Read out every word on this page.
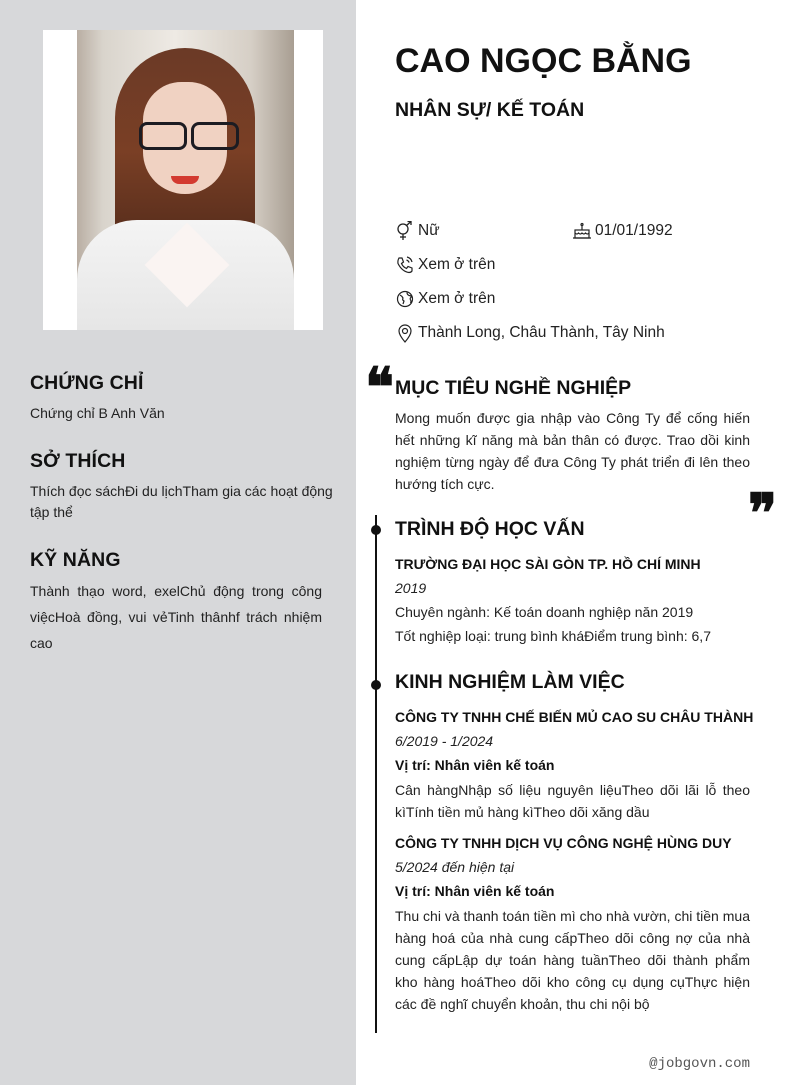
CHỨNG CHỈ
Chứng chỉ B Anh Văn
SỞ THÍCH
Thích đọc sáchĐi du lịchTham gia các hoạt động tập thể
KỸ NĂNG
Thành thạo word, exelChủ động trong công việcHoà đồng, vui vẻTinh thânhf trách nhiệm cao
CAO NGỌC BẰNG
NHÂN SỰ/ KẾ TOÁN
Nữ	01/01/1992
Xem ở trên
Xem ở trên
Thành Long, Châu Thành, Tây Ninh
❝ MỤC TIÊU NGHỀ NGHIỆP

Mong muốn được gia nhập vào Công Ty để cống hiến hết những kĩ năng mà bản thân có được. Trao dồi kinh nghiệm từng ngày để đưa Công Ty phát triển đi lên theo hướng tích cực.	❞
TRÌNH ĐỘ HỌC VẤN
TRƯỜNG ĐẠI HỌC SÀI GÒN TP. HỒ CHÍ MINH
2019
Chuyên ngành: Kế toán doanh nghiệp năn 2019
Tốt nghiệp loại: trung bình kháĐiểm trung bình: 6,7
KINH NGHIỆM LÀM VIỆC
CÔNG TY TNHH CHẾ BIẾN MỦ CAO SU CHÂU THÀNH
6/2019 - 1/2024
Vị trí: Nhân viên kế toán

Cân hàngNhập số liệu nguyên liệuTheo dõi lãi lỗ theo kìTính tiền mủ hàng kìTheo dõi xăng dầu

CÔNG TY TNHH DỊCH VỤ CÔNG NGHỆ HÙNG DUY
5/2024 đến hiện tại
Vị trí: Nhân viên kế toán

Thu chi và thanh toán tiền mì cho nhà vườn, chi tiền mua hàng hoá của nhà cung cấpTheo dõi công nợ của nhà cung cấpLập dự toán hàng tuầnTheo dõi thành phẩm kho hàng hoáTheo dõi kho công cụ dụng cụThực hiện các đề nghĩ chuyển khoản, thu chi nội bộ

@jobgovn.com
